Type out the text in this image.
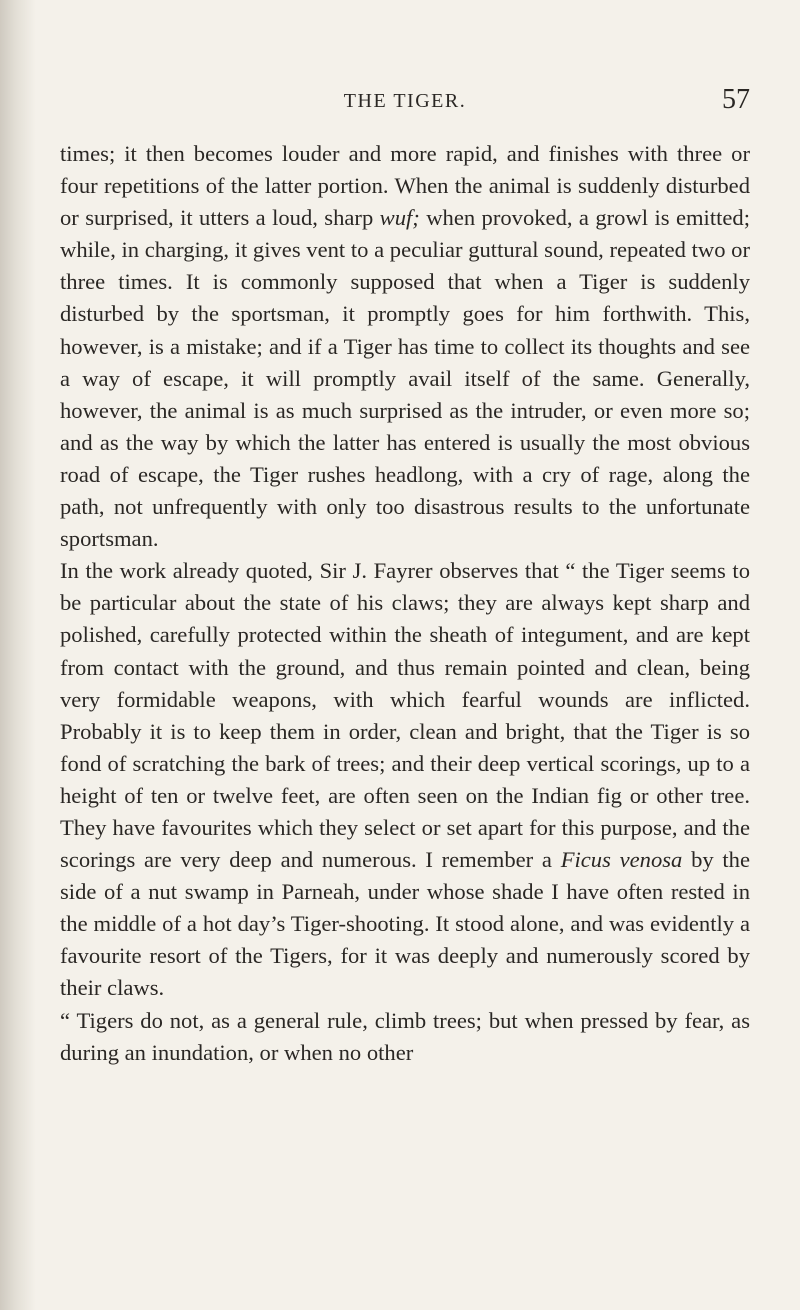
THE TIGER.	57

times; it then becomes louder and more rapid, and finishes with three or four repetitions of the latter portion. When the animal is suddenly disturbed or surprised, it utters a loud, sharp wuf; when provoked, a growl is emitted; while, in charging, it gives vent to a peculiar guttural sound, repeated two or three times. It is commonly supposed that when a Tiger is suddenly disturbed by the sportsman, it promptly goes for him forthwith. This, however, is a mistake; and if a Tiger has time to collect its thoughts and see a way of escape, it will promptly avail itself of the same. Generally, however, the animal is as much surprised as the intruder, or even more so; and as the way by which the latter has entered is usually the most obvious road of escape, the Tiger rushes headlong, with a cry of rage, along the path, not unfrequently with only too disastrous results to the unfortunate sportsman.

In the work already quoted, Sir J. Fayrer observes that “ the Tiger seems to be particular about the state of his claws; they are always kept sharp and polished, carefully protected within the sheath of integument, and are kept from contact with the ground, and thus remain pointed and clean, being very formidable weapons, with which fearful wounds are inflicted. Probably it is to keep them in order, clean and bright, that the Tiger is so fond of scratching the bark of trees; and their deep vertical scorings, up to a height of ten or twelve feet, are often seen on the Indian fig or other tree. They have favourites which they select or set apart for this purpose, and the scorings are very deep and numerous. I remember a Ficus venosa by the side of a nut swamp in Parneah, under whose shade I have often rested in the middle of a hot day’s Tiger-shooting. It stood alone, and was evidently a favourite resort of the Tigers, for it was deeply and numerously scored by their claws.

“ Tigers do not, as a general rule, climb trees; but when pressed by fear, as during an inundation, or when no other
